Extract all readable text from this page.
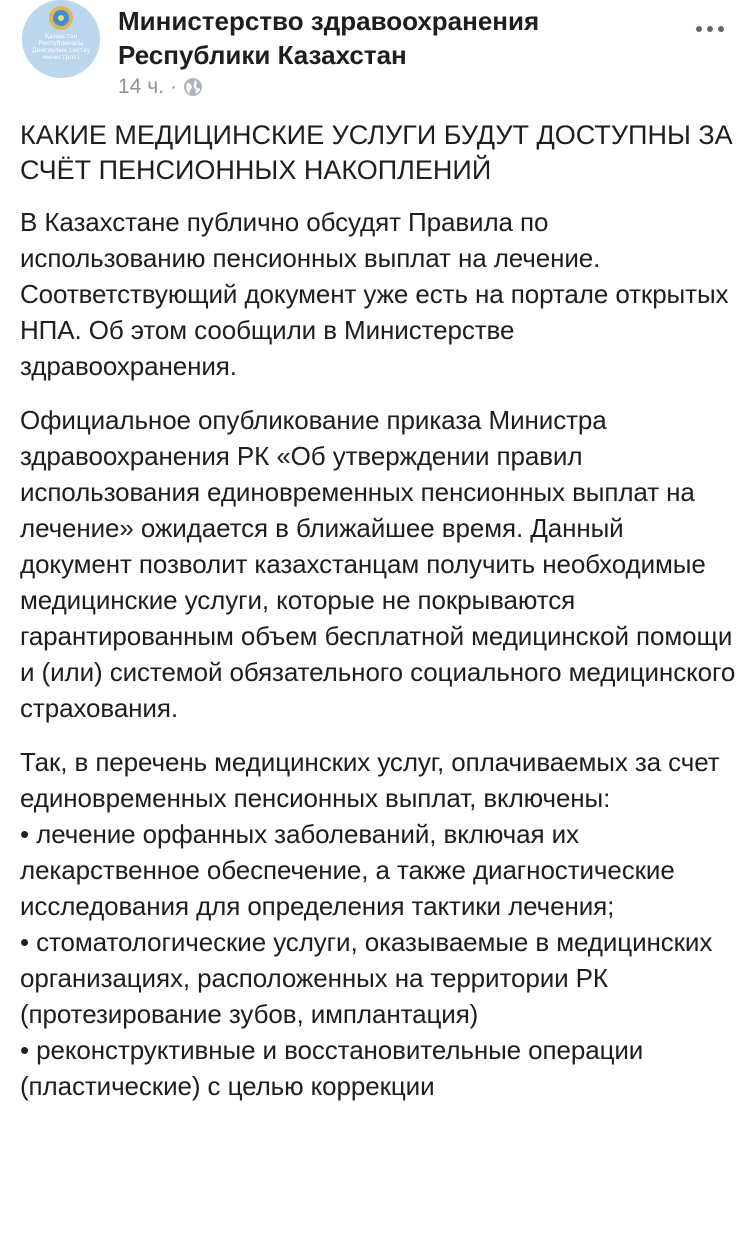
Қазақстан
Республикасы
Денсаулық сақтау
министрлігі
Министерство здравоохранения Республики Казахстан
14 ч. ·

КАКИЕ МЕДИЦИНСКИЕ УСЛУГИ БУДУТ ДОСТУПНЫ ЗА СЧЁТ ПЕНСИОННЫХ НАКОПЛЕНИЙ

В Казахстане публично обсудят Правила по использованию пенсионных выплат на лечение. Соответствующий документ уже есть на портале открытых НПА. Об этом сообщили в Министерстве здравоохранения.

Официальное опубликование приказа Министра здравоохранения РК «Об утверждении правил использования единовременных пенсионных выплат на лечение» ожидается в ближайшее время. Данный документ позволит казахстанцам получить необходимые медицинские услуги, которые не покрываются гарантированным объем бесплатной медицинской помощи и (или) системой обязательного социального медицинского страхования.

Так, в перечень медицинских услуг, оплачиваемых за счет единовременных пенсионных выплат, включены:

• лечение орфанных заболеваний, включая их лекарственное обеспечение, а также диагностические исследования для определения тактики лечения;

• стоматологические услуги, оказываемые в медицинских организациях, расположенных на территории РК (протезирование зубов, имплантация)

• реконструктивные и восстановительные операции (пластические) с целью коррекции
